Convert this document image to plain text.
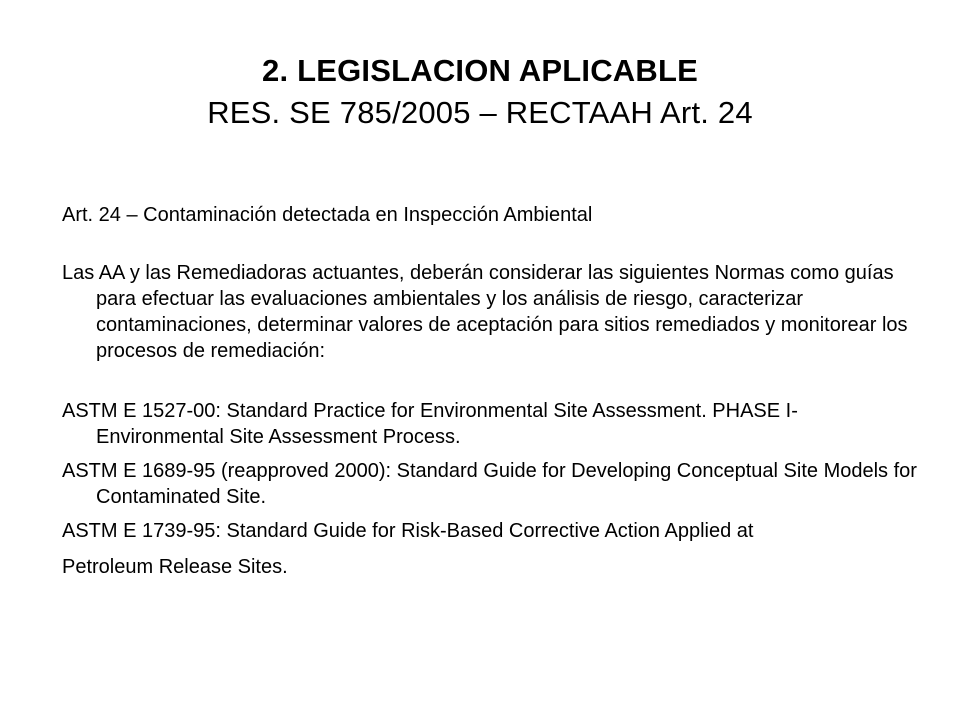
2. LEGISLACION APLICABLE
RES. SE 785/2005 – RECTAAH Art. 24

Art. 24 – Contaminación detectada en Inspección Ambiental

Las AA y las Remediadoras actuantes, deberán considerar las siguientes Normas como guías para efectuar las evaluaciones ambientales y los análisis de riesgo, caracterizar contaminaciones, determinar valores de aceptación para sitios remediados y monitorear los procesos de remediación:

ASTM E 1527-00: Standard Practice for Environmental Site Assessment. PHASE I- Environmental Site Assessment Process.

ASTM E 1689-95 (reapproved 2000): Standard Guide for Developing Conceptual Site Models for Contaminated Site.

ASTM E 1739-95: Standard Guide for Risk-Based Corrective Action Applied at

Petroleum Release Sites.
